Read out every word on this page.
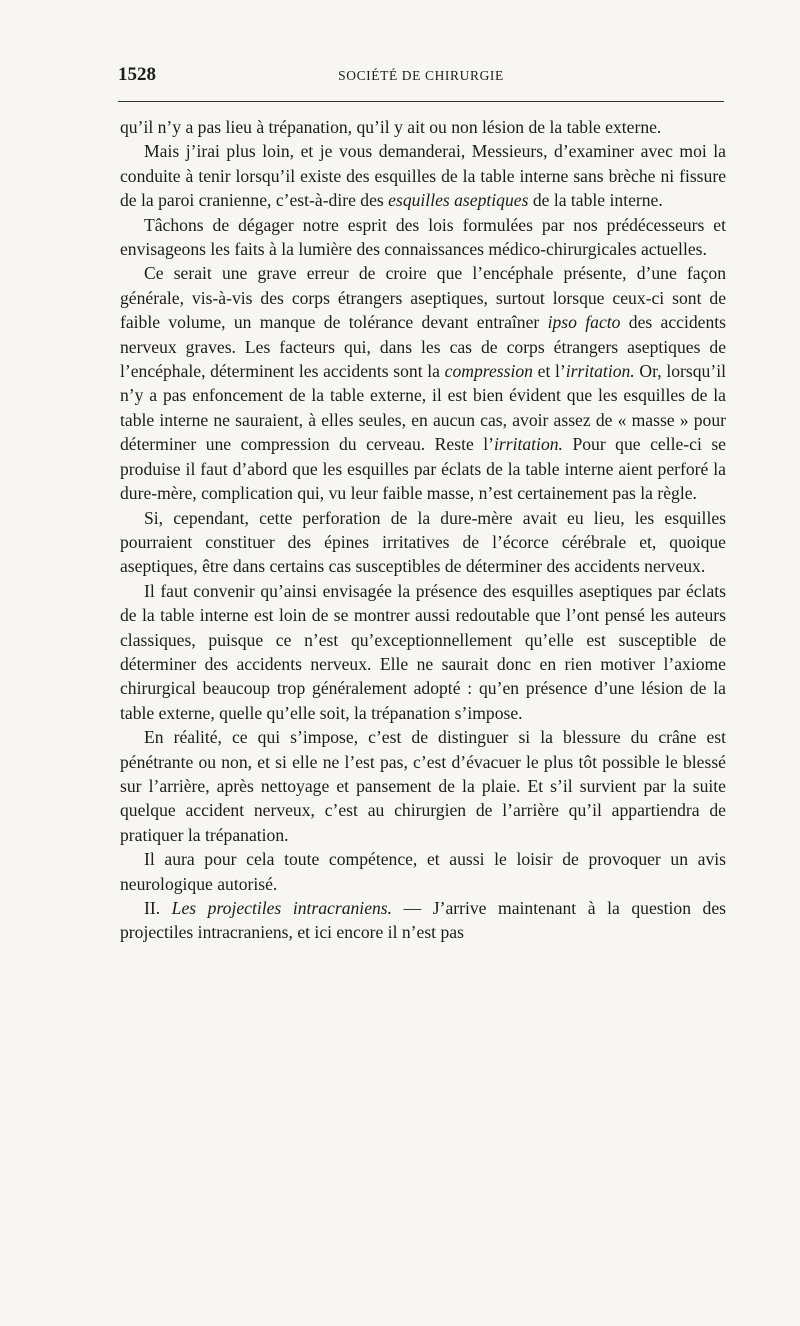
1528	SOCIÉTÉ DE CHIRURGIE

qu’il n’y a pas lieu à trépanation, qu’il y ait ou non lésion de la table externe.

Mais j’irai plus loin, et je vous demanderai, Messieurs, d’examiner avec moi la conduite à tenir lorsqu’il existe des esquilles de la table interne sans brèche ni fissure de la paroi cranienne, c’est-à-dire des esquilles aseptiques de la table interne.

Tâchons de dégager notre esprit des lois formulées par nos prédécesseurs et envisageons les faits à la lumière des connaissances médico-chirurgicales actuelles.

Ce serait une grave erreur de croire que l’encéphale présente, d’une façon générale, vis-à-vis des corps étrangers aseptiques, surtout lorsque ceux-ci sont de faible volume, un manque de tolérance devant entraîner ipso facto des accidents nerveux graves. Les facteurs qui, dans les cas de corps étrangers aseptiques de l’encéphale, déterminent les accidents sont la compression et l’irritation. Or, lorsqu’il n’y a pas enfoncement de la table externe, il est bien évident que les esquilles de la table interne ne sauraient, à elles seules, en aucun cas, avoir assez de « masse » pour déterminer une compression du cerveau. Reste l’irritation. Pour que celle-ci se produise il faut d’abord que les esquilles par éclats de la table interne aient perforé la dure-mère, complication qui, vu leur faible masse, n’est certainement pas la règle.

Si, cependant, cette perforation de la dure-mère avait eu lieu, les esquilles pourraient constituer des épines irritatives de l’écorce cérébrale et, quoique aseptiques, être dans certains cas susceptibles de déterminer des accidents nerveux.

Il faut convenir qu’ainsi envisagée la présence des esquilles aseptiques par éclats de la table interne est loin de se montrer aussi redoutable que l’ont pensé les auteurs classiques, puisque ce n’est qu’exceptionnellement qu’elle est susceptible de déterminer des accidents nerveux. Elle ne saurait donc en rien motiver l’axiome chirurgical beaucoup trop généralement adopté : qu’en présence d’une lésion de la table externe, quelle qu’elle soit, la trépanation s’impose.

En réalité, ce qui s’impose, c’est de distinguer si la blessure du crâne est pénétrante ou non, et si elle ne l’est pas, c’est d’évacuer le plus tôt possible le blessé sur l’arrière, après nettoyage et pansement de la plaie. Et s’il survient par la suite quelque accident nerveux, c’est au chirurgien de l’arrière qu’il appartiendra de pratiquer la trépanation.

Il aura pour cela toute compétence, et aussi le loisir de provoquer un avis neurologique autorisé.

II. Les projectiles intracraniens. — J’arrive maintenant à la question des projectiles intracraniens, et ici encore il n’est pas
